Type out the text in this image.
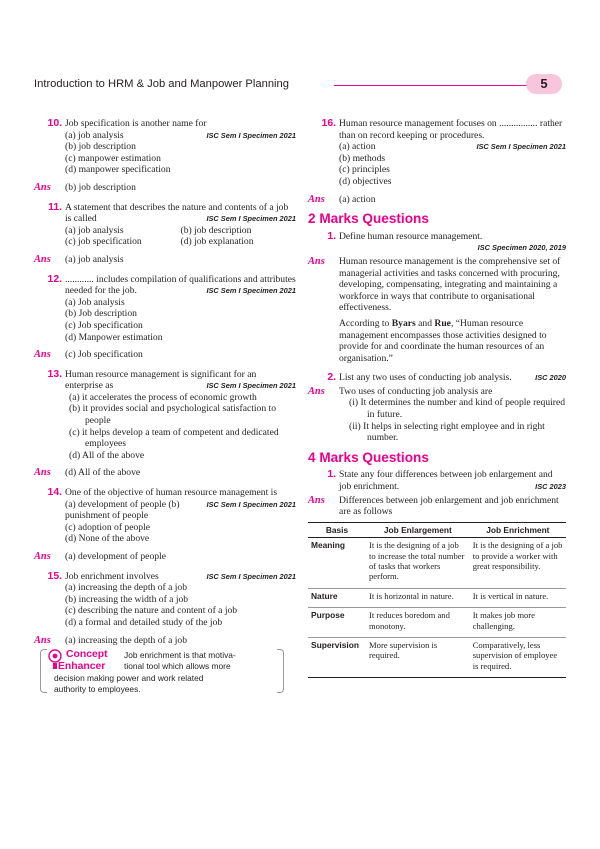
Introduction to HRM & Job and Manpower Planning	5
10. Job specification is another name for
ISC Sem I Specimen 2021
(a) job analysis
(b) job description
(c) manpower estimation
(d) manpower specification
Ans (b) job description
11. A statement that describes the nature and contents of a job is called	ISC Sem I Specimen 2021
(a) job analysis	(b) job description
(c) job specification	(d) job explanation
Ans (a) job analysis
12. ............ includes compilation of qualifications and attributes needed for the job.	ISC Sem I Specimen 2021
(a) Job analysis
(b) Job description
(c) Job specification
(d) Manpower estimation
Ans (c) Job specification
13. Human resource management is significant for an enterprise as	ISC Sem I Specimen 2021
(a) it accelerates the process of economic growth
(b) it provides social and psychological satisfaction to people
(c) it helps develop a team of competent and dedicated employees
(d) All of the above
Ans (d) All of the above
14. One of the objective of human resource management is
ISC Sem I Specimen 2021
(a) development of people (b) punishment of people
(c) adoption of people
(d) None of the above
Ans (a) development of people
15. Job enrichment involves	ISC Sem I Specimen 2021
(a) increasing the depth of a job
(b) increasing the width of a job
(c) describing the nature and content of a job
(d) a formal and detailed study of the job
Ans (a) increasing the depth of a job
Concept
Enhancer
Job enrichment is that motiva-
tional tool which allows more
decision making power and work related
authority to employees.
16. Human resource management focuses on ................ rather than on record keeping or procedures.
ISC Sem I Specimen 2021
(a) action
(b) methods
(c) principles
(d) objectives
Ans (a) action
2 Marks Questions
1. Define human resource management.
ISC Specimen 2020, 2019
Ans Human resource management is the comprehensive set of managerial activities and tasks concerned with procuring, developing, compensating, integrating and maintaining a workforce in ways that contribute to organisational effectiveness.
According to Byars and Rue, “Human resource management encompasses those activities designed to provide for and coordinate the human resources of an organisation.”
2. List any two uses of conducting job analysis.	ISC 2020
Ans Two uses of conducting job analysis are
(i) It determines the number and kind of people required in future.
(ii) It helps in selecting right employee and in right number.
4 Marks Questions
1. State any four differences between job enlargement and job enrichment.	ISC 2023
Ans Differences between job enlargement and job enrichment are as follows
Basis	Job Enlargement	Job Enrichment
Meaning	It is the designing of a job to increase the total number of tasks that workers perform.	It is the designing of a job to provide a worker with great responsibility.
Nature	It is horizontal in nature.	It is vertical in nature.
Purpose	It reduces boredom and monotony.	It makes job more challenging.
Supervision	More supervision is required.	Comparatively, less supervision of employee is required.
